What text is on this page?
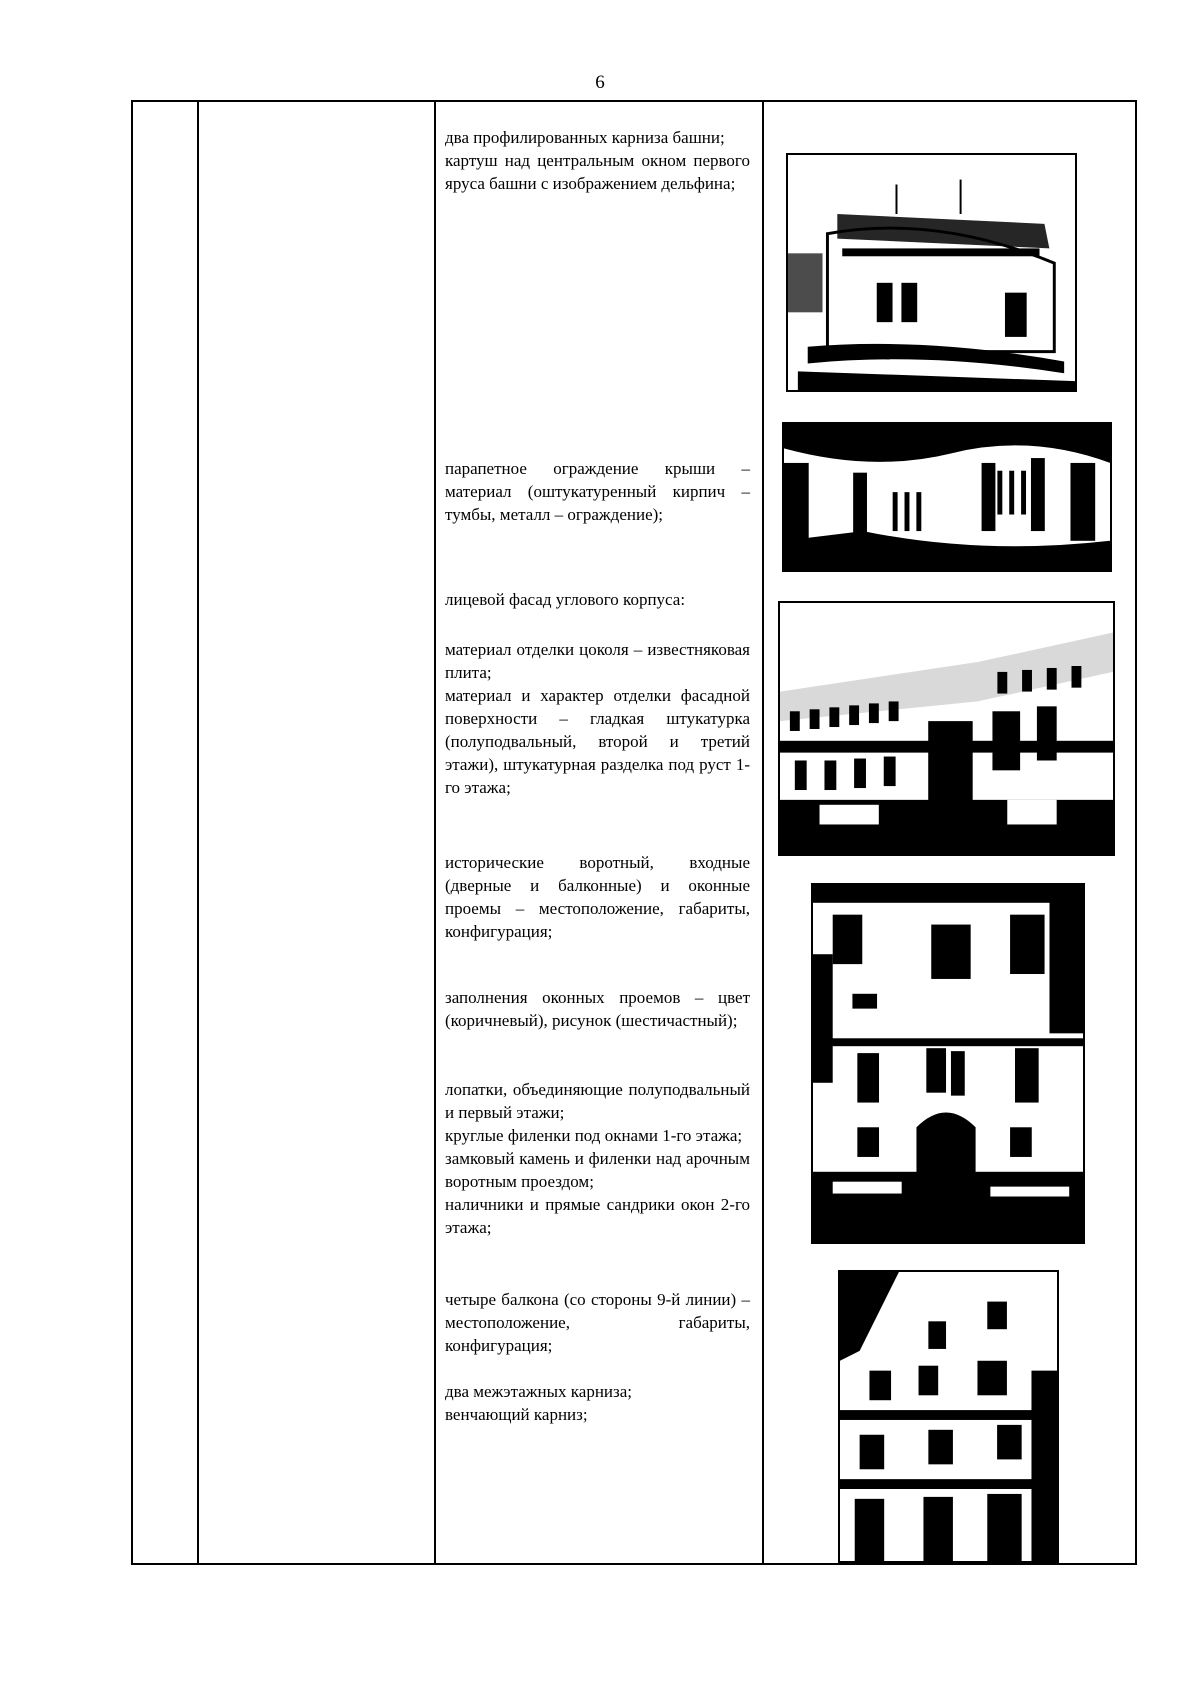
6

два профилированных карниза башни;

картуш над центральным окном первого яруса башни с изображением дельфина;

парапетное ограждение крыши – материал (оштукатуренный кирпич – тумбы, металл – ограждение);

лицевой фасад углового корпуса:

материал отделки цоколя – известняковая плита;

материал и характер отделки фасадной поверхности – гладкая штукатурка (полуподвальный, второй и третий этажи), штукатурная разделка под руст 1-го этажа;

исторические воротный, входные (дверные и балконные) и оконные проемы – местоположение, габариты, конфигурация;

заполнения оконных проемов – цвет (коричневый), рисунок (шестичастный);

лопатки, объединяющие полуподвальный и первый этажи;

круглые филенки под окнами 1-го этажа;

замковый камень и филенки над арочным воротным проездом;

наличники и прямые сандрики окон 2-го этажа;

четыре балкона (со стороны 9-й линии) – местоположение, габариты, конфигурация;

два межэтажных карниза;

венчающий карниз;
